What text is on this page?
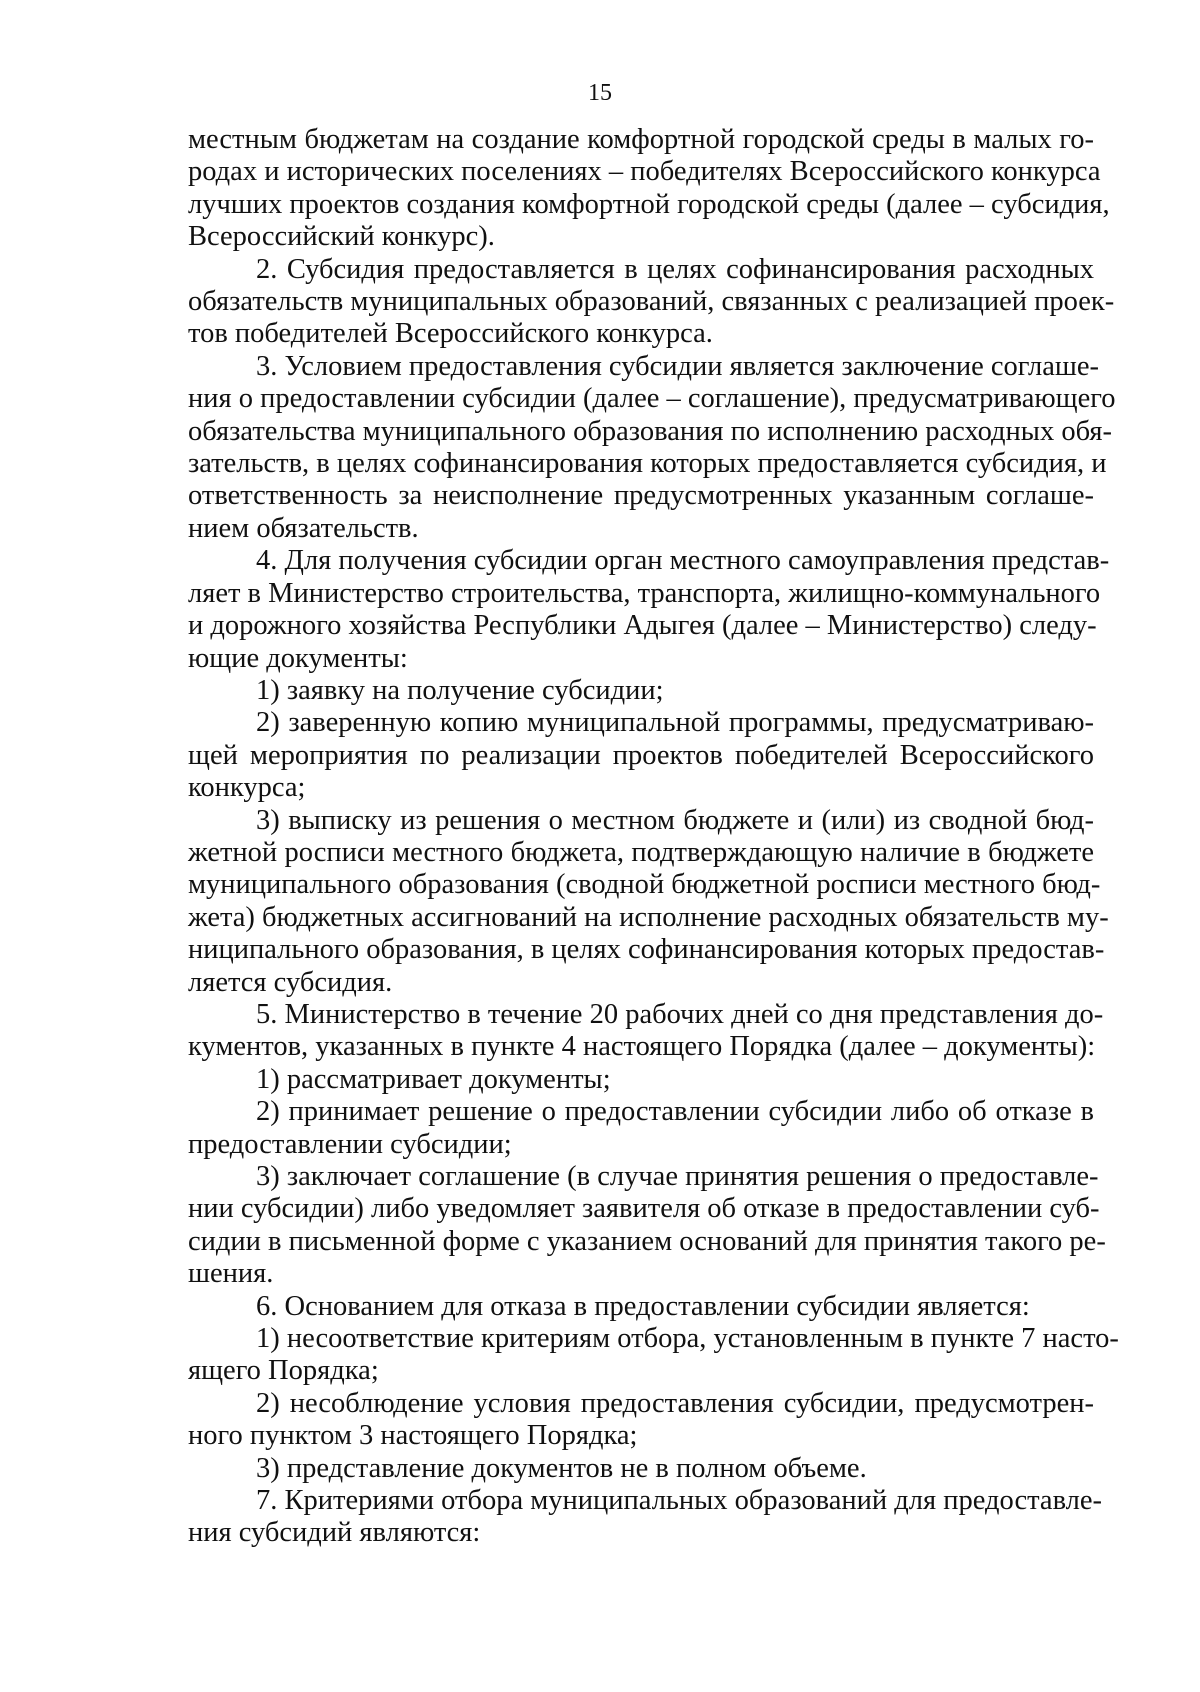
15
местным бюджетам на создание комфортной городской среды в малых го-
родах и исторических поселениях – победителях Всероссийского конкурса
лучших проектов создания комфортной городской среды (далее – субсидия,
Всероссийский конкурс).
2. Субсидия предоставляется в целях софинансирования расходных
обязательств муниципальных образований, связанных с реализацией проек-
тов победителей Всероссийского конкурса.
3. Условием предоставления субсидии является заключение соглаше-
ния о предоставлении субсидии (далее – соглашение), предусматривающего
обязательства муниципального образования по исполнению расходных обя-
зательств, в целях софинансирования которых предоставляется субсидия, и
ответственность за неисполнение предусмотренных указанным соглаше-
нием обязательств.
4. Для получения субсидии орган местного самоуправления представ-
ляет в Министерство строительства, транспорта, жилищно-коммунального
и дорожного хозяйства Республики Адыгея (далее – Министерство) следу-
ющие документы:
1) заявку на получение субсидии;
2) заверенную копию муниципальной программы, предусматриваю-
щей мероприятия по реализации проектов победителей Всероссийского
конкурса;
3) выписку из решения о местном бюджете и (или) из сводной бюд-
жетной росписи местного бюджета, подтверждающую наличие в бюджете
муниципального образования (сводной бюджетной росписи местного бюд-
жета) бюджетных ассигнований на исполнение расходных обязательств му-
ниципального образования, в целях софинансирования которых предостав-
ляется субсидия.
5. Министерство в течение 20 рабочих дней со дня представления до-
кументов, указанных в пункте 4 настоящего Порядка (далее – документы):
1) рассматривает документы;
2) принимает решение о предоставлении субсидии либо об отказе в
предоставлении субсидии;
3) заключает соглашение (в случае принятия решения о предоставле-
нии субсидии) либо уведомляет заявителя об отказе в предоставлении суб-
сидии в письменной форме с указанием оснований для принятия такого ре-
шения.
6. Основанием для отказа в предоставлении субсидии является:
1) несоответствие критериям отбора, установленным в пункте 7 насто-
ящего Порядка;
2) несоблюдение условия предоставления субсидии, предусмотрен-
ного пунктом 3 настоящего Порядка;
3) представление документов не в полном объеме.
7. Критериями отбора муниципальных образований для предоставле-
ния субсидий являются:
